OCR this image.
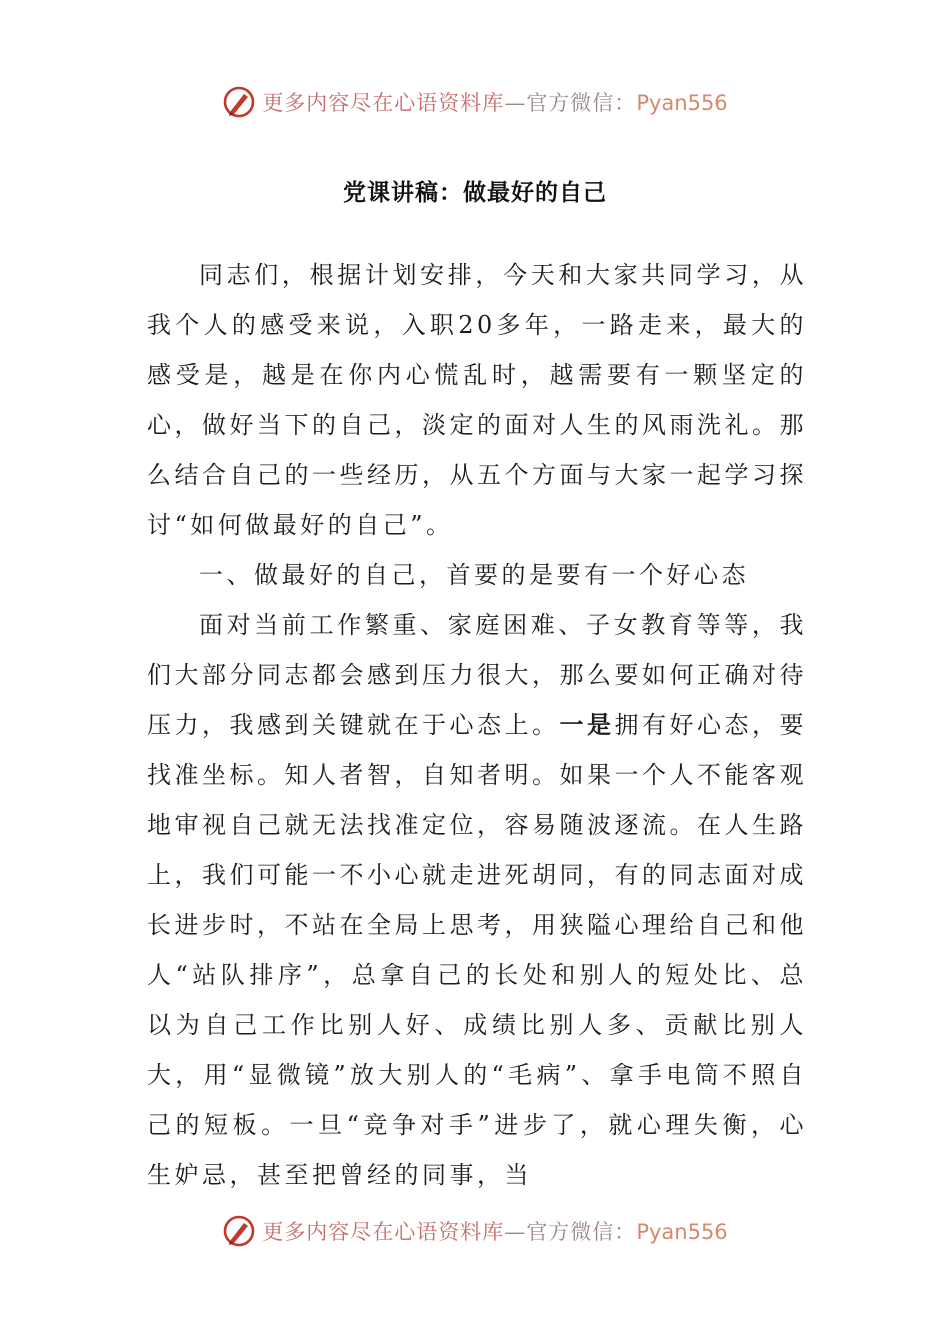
更多内容尽在心语资料库—官方微信：Pyan556
党课讲稿：做最好的自己

同志们，根据计划安排，今天和大家共同学习，从我个人的感受来说，入职20多年，一路走来，最大的感受是，越是在你内心慌乱时，越需要有一颗坚定的心，做好当下的自己，淡定的面对人生的风雨洗礼。那么结合自己的一些经历，从五个方面与大家一起学习探讨“如何做最好的自己”。

一、做最好的自己，首要的是要有一个好心态

面对当前工作繁重、家庭困难、子女教育等等，我们大部分同志都会感到压力很大，那么要如何正确对待压力，我感到关键就在于心态上。一是拥有好心态，要找准坐标。知人者智，自知者明。如果一个人不能客观地审视自己就无法找准定位，容易随波逐流。在人生路上，我们可能一不小心就走进死胡同，有的同志面对成长进步时，不站在全局上思考，用狭隘心理给自己和他人“站队排序”，总拿自己的长处和别人的短处比、总以为自己工作比别人好、成绩比别人多、贡献比别人大，用“显微镜”放大别人的“毛病”、拿手电筒不照自己的短板。一旦“竞争对手”进步了，就心理失衡，心生妒忌，甚至把曾经的同事，当

更多内容尽在心语资料库—官方微信：Pyan556
